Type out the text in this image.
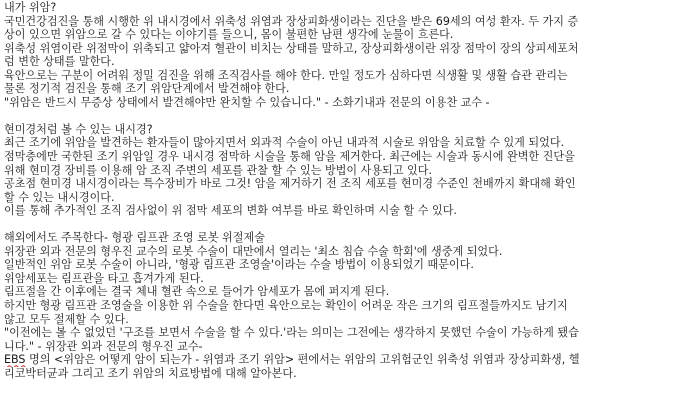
내가 위암?
국민건강검진을 통해 시행한 위 내시경에서 위축성 위염과 장상피화생이라는 진단을 받은 69세의 여성 환자. 두 가지 증
상이 있으면 위암으로 갈 수 있다는 이야기를 들으니, 몸이 불편한 남편 생각에 눈물이 흐른다.
위축성 위염이란 위점막이 위축되고 얇아져 혈관이 비치는 상태를 말하고, 장상피화생이란 위장 점막이 장의 상피세포처
럼 변한 상태를 말한다.
육안으로는 구분이 어려워 정밀 검진을 위해 조직검사를 해야 한다. 만일 정도가 심하다면 식생활 및 생활 습관 관리는
물론 정기적 검진을 통해 조기 위암단계에서 발견해야 한다.
"위암은 반드시 무증상 상태에서 발견해야만 완치할 수 있습니다." - 소화기내과 전문의 이용찬 교수 -
현미경처럼 볼 수 있는 내시경?
최근 조기에 위암을 발견하는 환자들이 많아지면서 외과적 수술이 아닌 내과적 시술로 위암을 치료할 수 있게 되었다.
점막층에만 국한된 조기 위암일 경우 내시경 점막하 시술을 통해 암을 제거한다. 최근에는 시술과 동시에 완벽한 진단을
위해 현미경 장비를 이용해 암 조직 주변의 세포를 관찰 할 수 있는 방법이 사용되고 있다.
공초점 현미경 내시경이라는 특수장비가 바로 그것! 암을 제거하기 전 조직 세포를 현미경 수준인 천배까지 확대해 확인
할 수 있는 내시경이다.
이를 통해 추가적인 조직 검사없이 위 점막 세포의 변화 여부를 바로 확인하며 시술 할 수 있다.
해외에서도 주목한다- 형광 림프관 조영 로봇 위절제술
위장관 외과 전문의 형우진 교수의 로봇 수술이 대만에서 열리는 '최소 침습 수술 학회'에 생중계 되었다.
일반적인 위암 로봇 수술이 아니라, '형광 림프관 조영술'이라는 수술 방법이 이용되었기 때문이다.
위암세포는 림프관을 타고 흡겨가게 된다.
림프절을 간 이후에는 결국 체내 혈관 속으로 들어가 암세포가 몸에 퍼지게 된다.
하지만 형광 림프관 조영술을 이용한 위 수술을 한다면 육안으로는 확인이 어려운 작은 크기의 림프절들까지도 남기지
않고 모두 절제할 수 있다.
"이전에는 볼 수 없었던 '구조를 보면서 수술을 할 수 있다.'라는 의미는 그전에는 생각하지 못했던 수술이 가능하게 됐습
니다." - 위장관 외과 전문의 형우진 교수-
EBS 명의 <위암은 어떻게 암이 되는가 - 위염과 조기 위암> 편에서는 위암의 고위험군인 위축성 위염과 장상피화생, 헬
리코박터균과 그리고 조기 위암의 치료방법에 대해 알아본다.
